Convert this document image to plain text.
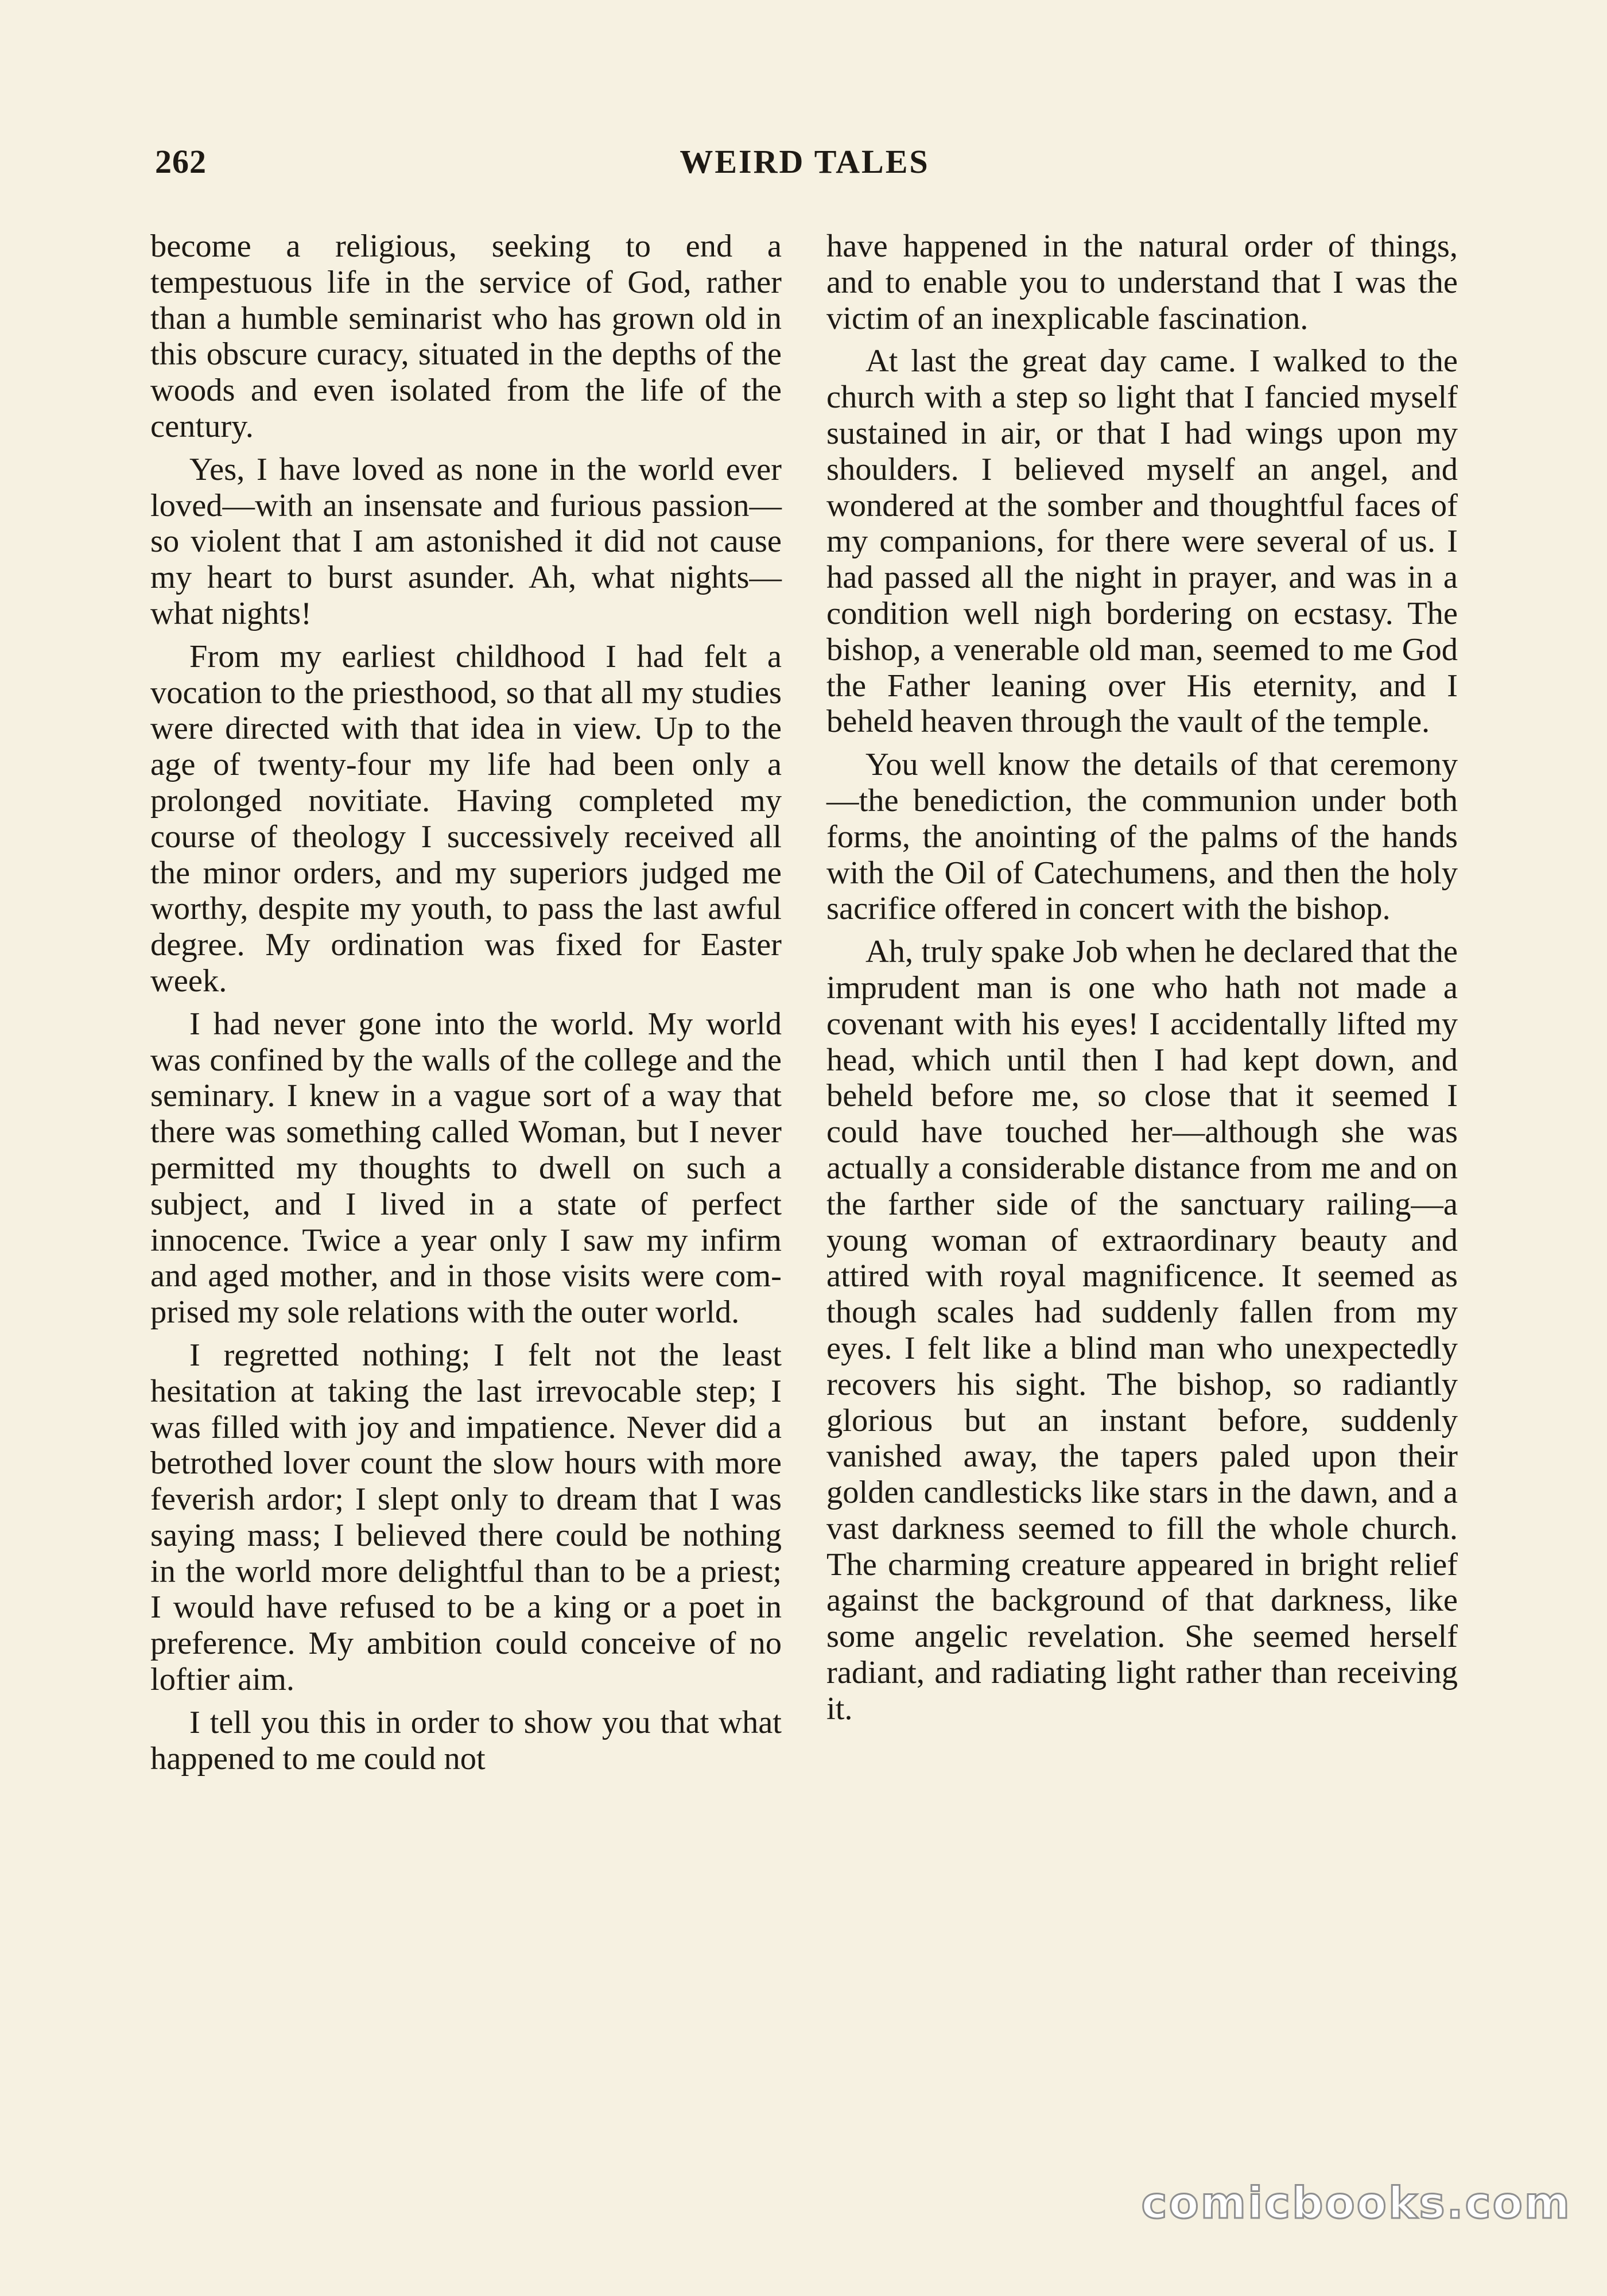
262	WEIRD TALES

become a religious, seeking to end a tempestuous life in the service of God, rather than a humble seminarist who has grown old in this obscure curacy, situated in the depths of the woods and even isolated from the life of the century.

Yes, I have loved as none in the world ever loved—with an insensate and furious passion—so violent that I am astonished it did not cause my heart to burst asunder. Ah, what nights—what nights!

From my earliest childhood I had felt a vocation to the priesthood, so that all my studies were directed with that idea in view. Up to the age of twenty-four my life had been only a prolonged novitiate. Having completed my course of theology I successively received all the minor orders, and my superiors judged me worthy, despite my youth, to pass the last awful degree. My ordination was fixed for Easter week.

I had never gone into the world. My world was confined by the walls of the college and the seminary. I knew in a vague sort of a way that there was something called Woman, but I never permitted my thoughts to dwell on such a subject, and I lived in a state of perfect innocence. Twice a year only I saw my infirm and aged mother, and in those visits were comprised my sole relations with the outer world.

I regretted nothing; I felt not the least hesitation at taking the last irrevocable step; I was filled with joy and impatience. Never did a betrothed lover count the slow hours with more feverish ardor; I slept only to dream that I was saying mass; I believed there could be nothing in the world more delightful than to be a priest; I would have refused to be a king or a poet in preference. My ambition could conceive of no loftier aim.

I tell you this in order to show you that what happened to me could not

have happened in the natural order of things, and to enable you to understand that I was the victim of an inexplicable fascination.

At last the great day came. I walked to the church with a step so light that I fancied myself sustained in air, or that I had wings upon my shoulders. I believed myself an angel, and wondered at the somber and thoughtful faces of my companions, for there were several of us. I had passed all the night in prayer, and was in a condition well nigh bordering on ecstasy. The bishop, a venerable old man, seemed to me God the Father leaning over His eternity, and I beheld heaven through the vault of the temple.

You well know the details of that ceremony—the benediction, the communion under both forms, the anointing of the palms of the hands with the Oil of Catechumens, and then the holy sacrifice offered in concert with the bishop.

Ah, truly spake Job when he declared that the imprudent man is one who hath not made a covenant with his eyes! I accidentally lifted my head, which until then I had kept down, and beheld before me, so close that it seemed I could have touched her—although she was actually a considerable distance from me and on the farther side of the sanctuary railing—a young woman of extraordinary beauty and attired with royal magnificence. It seemed as though scales had suddenly fallen from my eyes. I felt like a blind man who unexpectedly recovers his sight. The bishop, so radiantly glorious but an instant before, suddenly vanished away, the tapers paled upon their golden candlesticks like stars in the dawn, and a vast darkness seemed to fill the whole church. The charming creature appeared in bright relief against the background of that darkness, like some angelic revelation. She seemed herself radiant, and radiating light rather than receiving it.

comicbooks.com
